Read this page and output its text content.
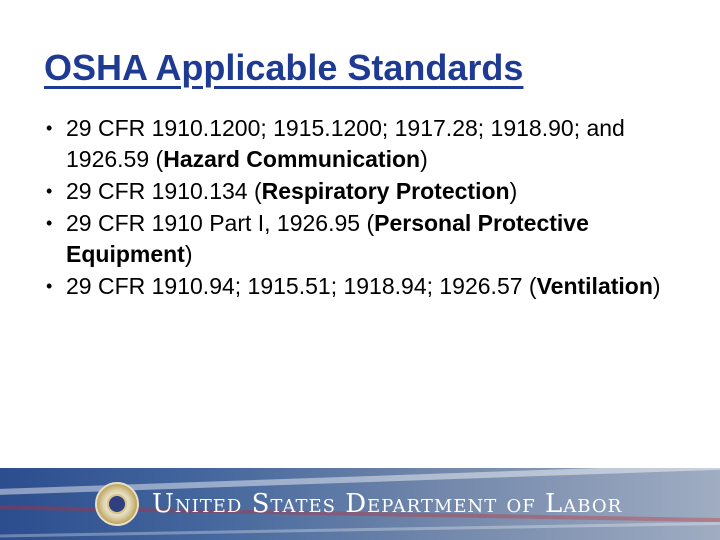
OSHA Applicable Standards
• 29 CFR 1910.1200; 1915.1200; 1917.28; 1918.90; and 1926.59 (Hazard Communication)
• 29 CFR 1910.134 (Respiratory Protection)
• 29 CFR 1910 Part I, 1926.95 (Personal Protective Equipment)
• 29 CFR 1910.94; 1915.51; 1918.94; 1926.57 (Ventilation)

United States Department of Labor
